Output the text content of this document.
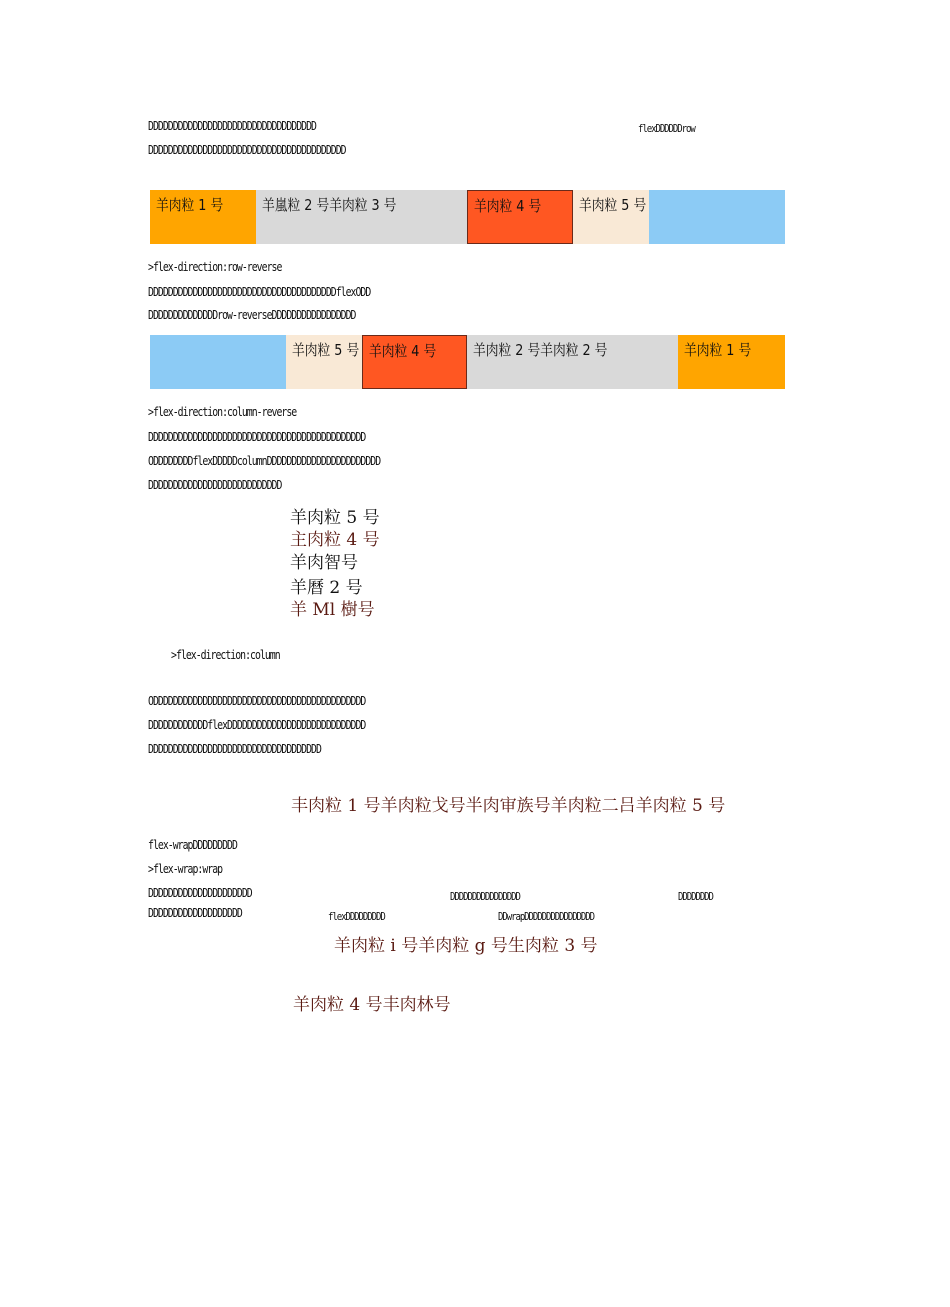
DDDDDDDDDDDDDDDDDDDDDDDDDDDDDDDDDD
DDDDDDDDDDDDDDDDDDDDDDDDDDDDDDDDDDDDDDDD
flexDDDDDDrow
羊肉粒 1 号	羊嵐粒 2 号羊肉粒 3 号	羊肉粒 4 号	羊肉粒 5 号
>flex-direction:row-reverse
DDDDDDDDDDDDDDDDDDDDDDDDDDDDDDDDDDDDDDflexODD
DDDDDDDDDDDDDDrow-reverseDDDDDDDDDDDDDDDDD
羊肉粒 5 号 羊肉粒 4 号	羊肉粒 2 号羊肉粒 2 号	羊肉粒 1 号
>flex-direction:column-reverse
DDDDDDDDDDDDDDDDDDDDDDDDDDDDDDDDDDDDDDDDDDDD
ODDDDDDDDflexDDDDDcolumnDDDDDDDDDDDDDDDDDDDDDDD
DDDDDDDDDDDDDDDDDDDDDDDDDDD
羊肉粒 5 号
主肉粒 4 号
羊肉智号
羊曆 2 号
羊 Ml 樹号
>flex-direction:column
ODDDDDDDDDDDDDDDDDDDDDDDDDDDDDDDDDDDDDDDDDDD
DDDDDDDDDDDDflexDDDDDDDDDDDDDDDDDDDDDDDDDDDD
DDDDDDDDDDDDDDDDDDDDDDDDDDDDDDDDDDD
丰肉粒 1 号羊肉粒戈号半肉审族号羊肉粒二吕羊肉粒 5 号
flex-wrapDDDDDDDDD
>flex-wrap:wrap
DDDDDDDDDDDDDDDDDDDDD
DDDDDDDDDDDDDDDDDDD
DDDDDDDDDDDDDDDD	DDDDDDDD
flexDDDDDDDDD	DDwrapDDDDDDDDDDDDDDDD
羊肉粒 i 号羊肉粒 g 号生肉粒 3 号
羊肉粒 4 号丰肉林号
